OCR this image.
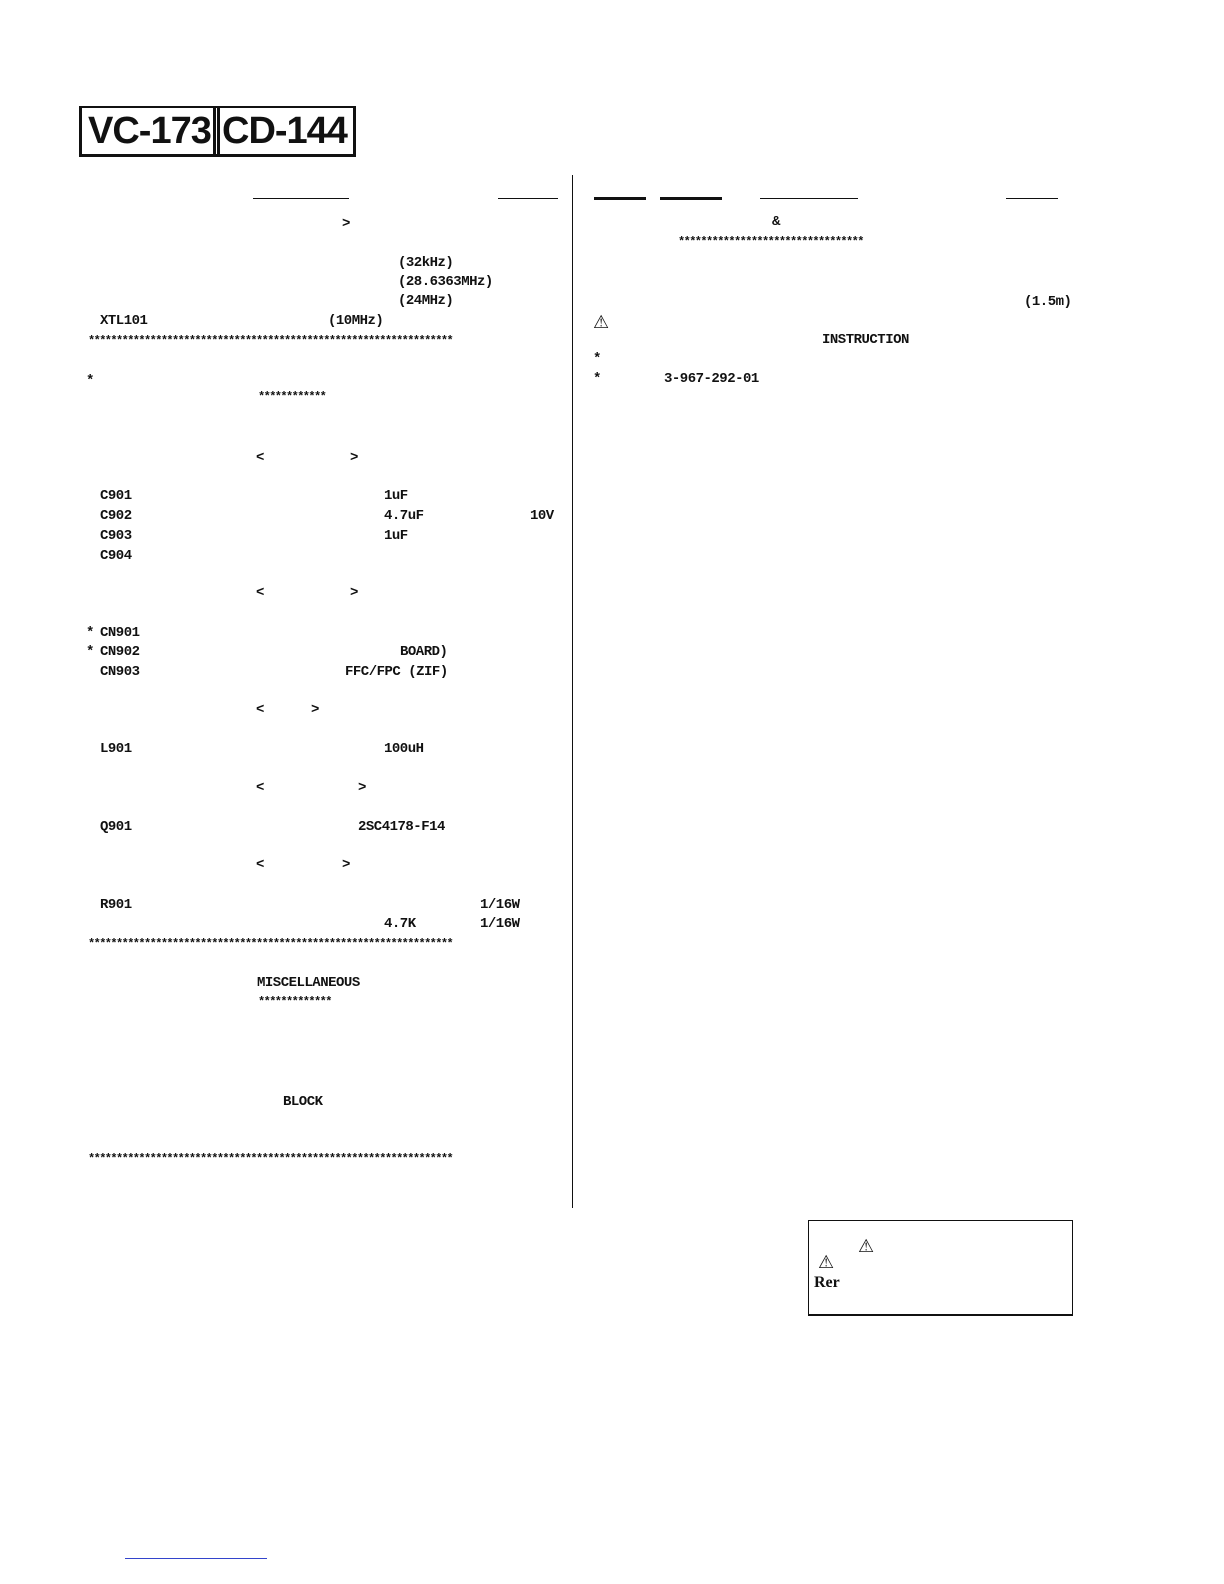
VC-173 CD-144
>
(32kHz)
(28.6363MHz)
(24MHz)
XTL101	(10MHz)
*****************************************************************
*
************
<	>
C901	1uF
C902	4.7uF	10V
C903	1uF
C904
<	>
* CN901
* CN902	BOARD)
CN903	FFC/FPC (ZIF)
<	>
L901	100uH
<	>
Q901	2SC4178-F14
<	>
R901	1/16W
4.7K	1/16W
*****************************************************************
MISCELLANEOUS
*************
BLOCK
*****************************************************************
&
*********************************
(1.5m)
⚠
INSTRUCTION
*
*	3-967-292-01
⚠
⚠
Rer
